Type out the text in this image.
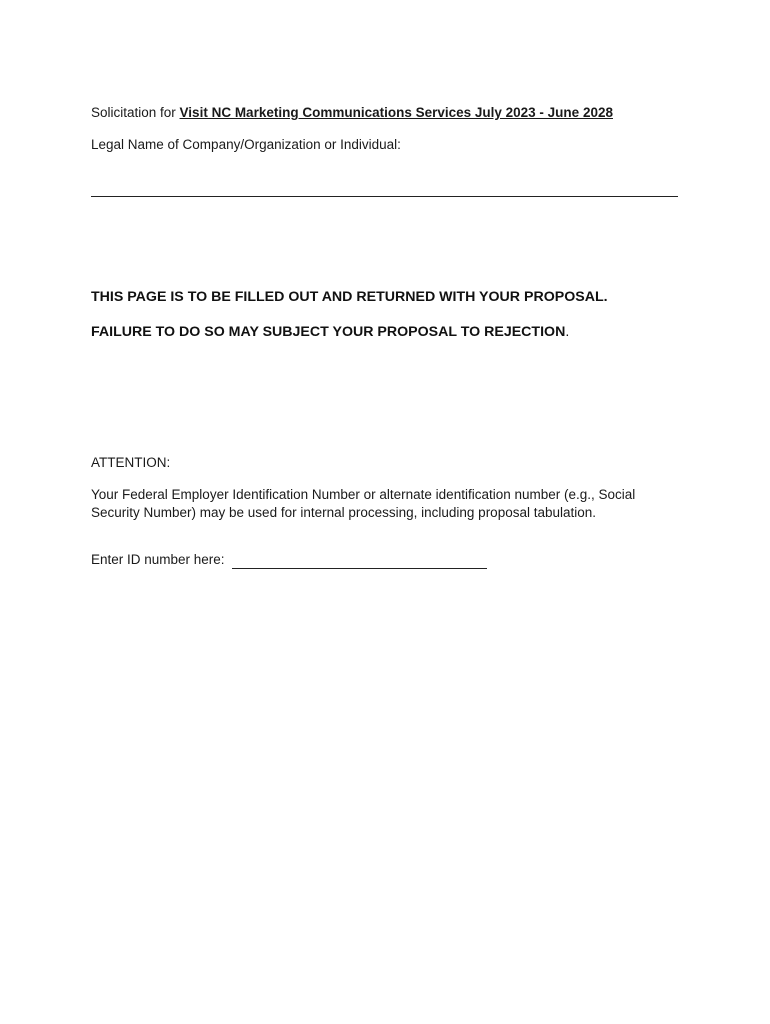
Solicitation for Visit NC Marketing Communications Services July 2023 - June 2028
Legal Name of Company/Organization or Individual:
THIS PAGE IS TO BE FILLED OUT AND RETURNED WITH YOUR PROPOSAL.
FAILURE TO DO SO MAY SUBJECT YOUR PROPOSAL TO REJECTION.
ATTENTION:
Your Federal Employer Identification Number or alternate identification number (e.g., Social Security Number) may be used for internal processing, including proposal tabulation.
Enter ID number here:
